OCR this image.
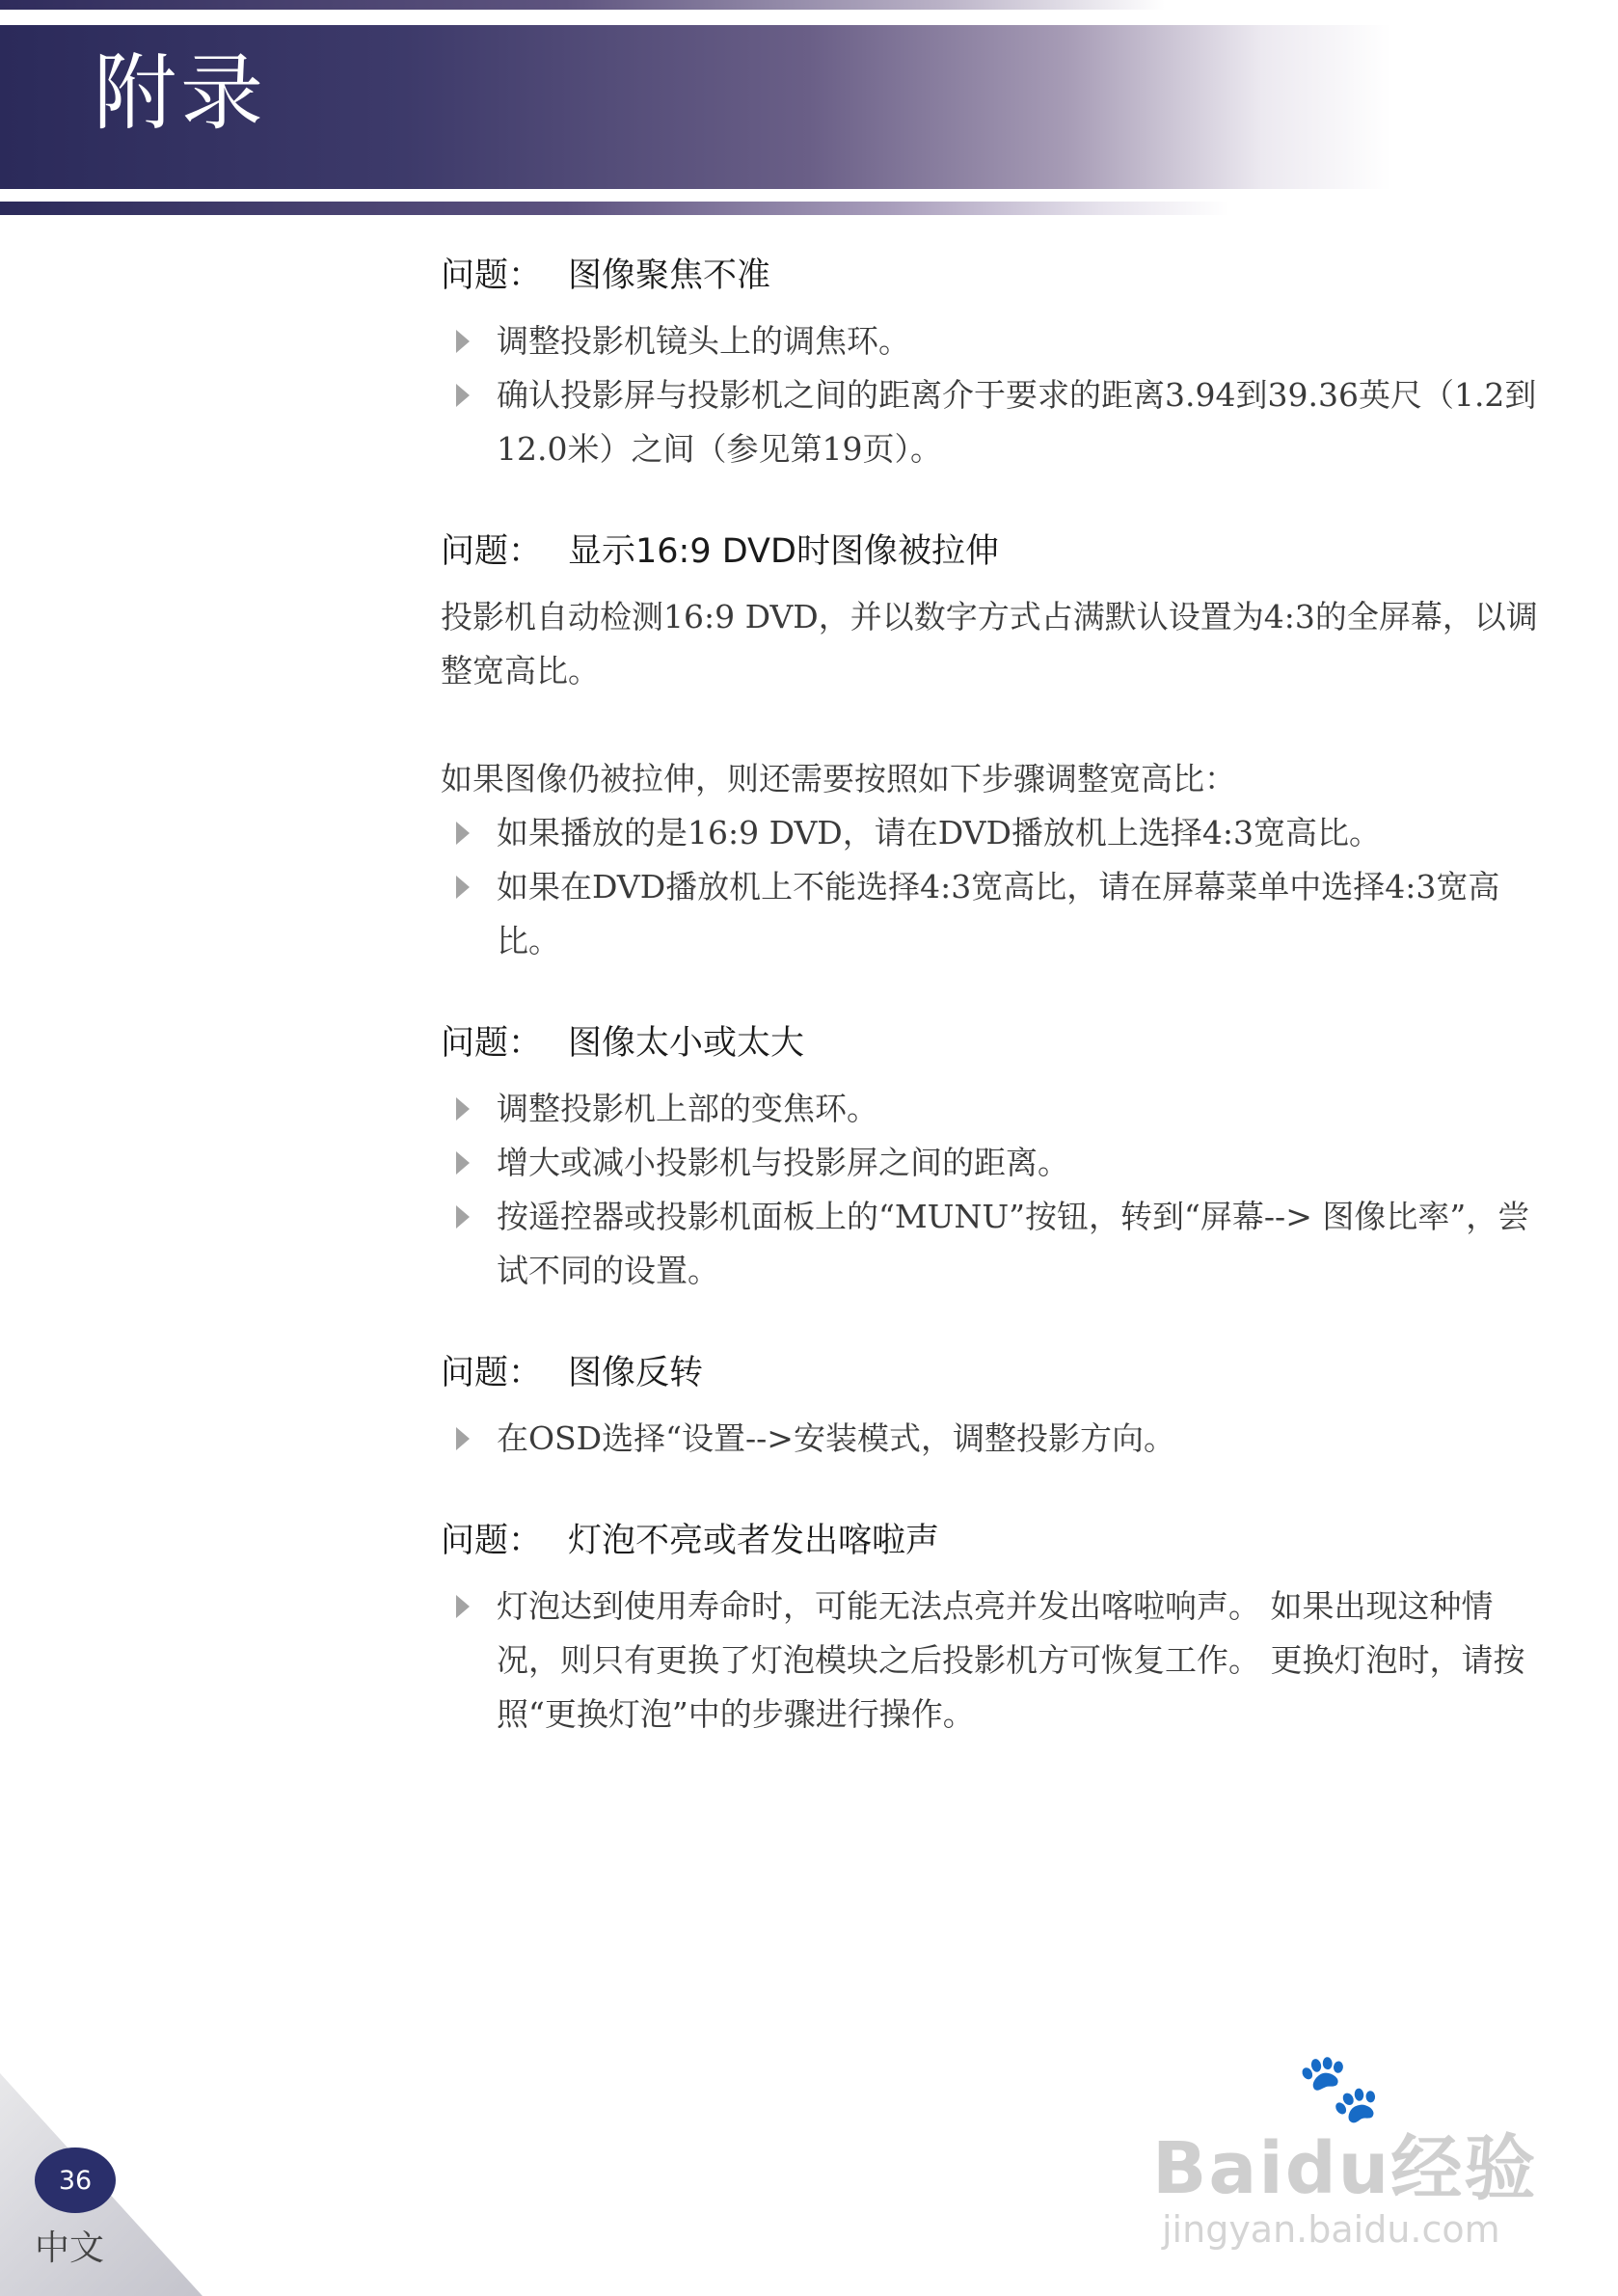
附录
问题： 图像聚焦不准
调整投影机镜头上的调焦环。
确认投影屏与投影机之间的距离介于要求的距离3.94到39.36英尺（1.2到12.0米）之间（参见第19页）。
问题： 显示16:9 DVD时图像被拉伸

投影机自动检测16:9 DVD，并以数字方式占满默认设置为4:3的全屏幕，以调整宽高比。

如果图像仍被拉伸，则还需要按照如下步骤调整宽高比：

如果播放的是16:9 DVD，请在DVD播放机上选择4:3宽高比。
如果在DVD播放机上不能选择4:3宽高比，请在屏幕菜单中选择4:3宽高比。
问题： 图像太小或太大
调整投影机上部的变焦环。
增大或减小投影机与投影屏之间的距离。
按遥控器或投影机面板上的“MUNU”按钮，转到“屏幕--> 图像比率”，尝试不同的设置。
问题： 图像反转
在OSD选择“设置-->安装模式，调整投影方向。
问题： 灯泡不亮或者发出喀啦声
灯泡达到使用寿命时，可能无法点亮并发出喀啦响声。 如果出现这种情况，则只有更换了灯泡模块之后投影机方可恢复工作。 更换灯泡时，请按照“更换灯泡”中的步骤进行操作。
36
中文
🐾
Baidu经验
jingyan.baidu.com
